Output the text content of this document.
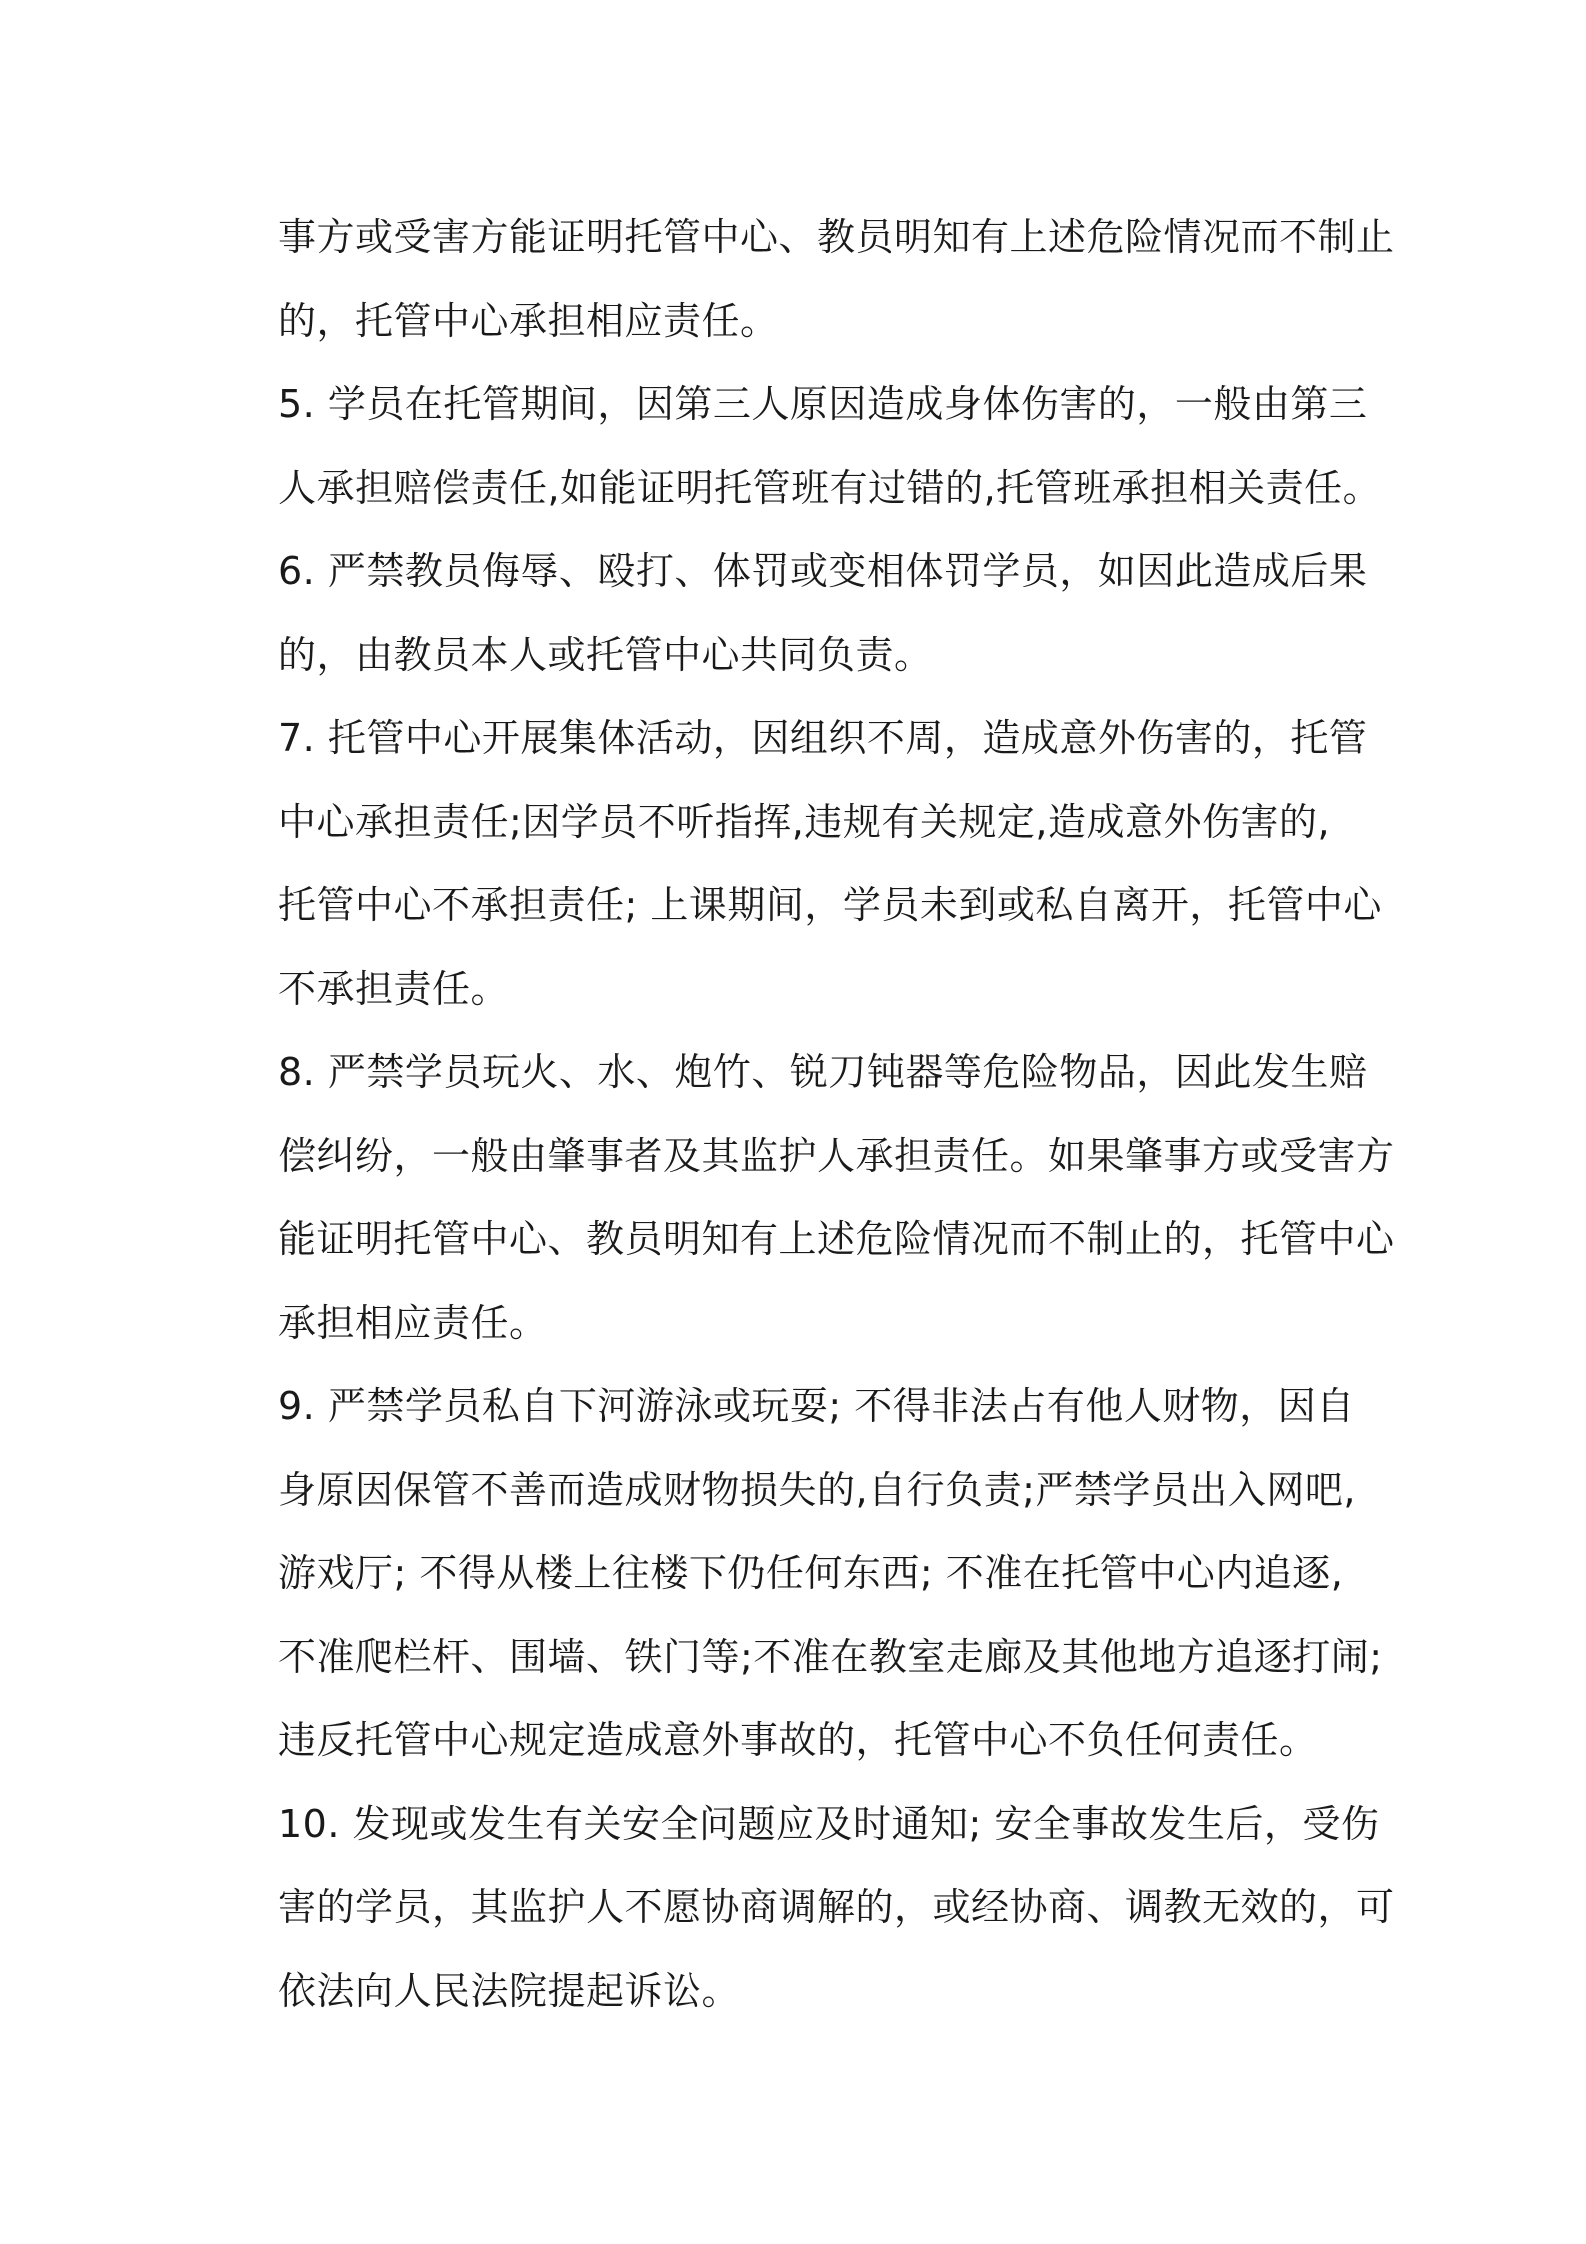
事方或受害方能证明托管中心、教员明知有上述危险情况而不制止
的，托管中心承担相应责任。

5. 学员在托管期间，因第三人原因造成身体伤害的，一般由第三
人承担赔偿责任,如能证明托管班有过错的,托管班承担相关责任。

6. 严禁教员侮辱、殴打、体罚或变相体罚学员，如因此造成后果
的，由教员本人或托管中心共同负责。

7. 托管中心开展集体活动，因组织不周，造成意外伤害的，托管
中心承担责任;因学员不听指挥,违规有关规定,造成意外伤害的,
托管中心不承担责任; 上课期间，学员未到或私自离开，托管中心
不承担责任。

8. 严禁学员玩火、水、炮竹、锐刀钝器等危险物品，因此发生赔
偿纠纷，一般由肇事者及其监护人承担责任。如果肇事方或受害方
能证明托管中心、教员明知有上述危险情况而不制止的，托管中心
承担相应责任。

9. 严禁学员私自下河游泳或玩耍; 不得非法占有他人财物，因自
身原因保管不善而造成财物损失的,自行负责;严禁学员出入网吧,
游戏厅; 不得从楼上往楼下仍任何东西; 不准在托管中心内追逐,
不准爬栏杆、围墙、铁门等;不准在教室走廊及其他地方追逐打闹;
违反托管中心规定造成意外事故的，托管中心不负任何责任。

10. 发现或发生有关安全问题应及时通知; 安全事故发生后，受伤
害的学员，其监护人不愿协商调解的，或经协商、调教无效的，可
依法向人民法院提起诉讼。
